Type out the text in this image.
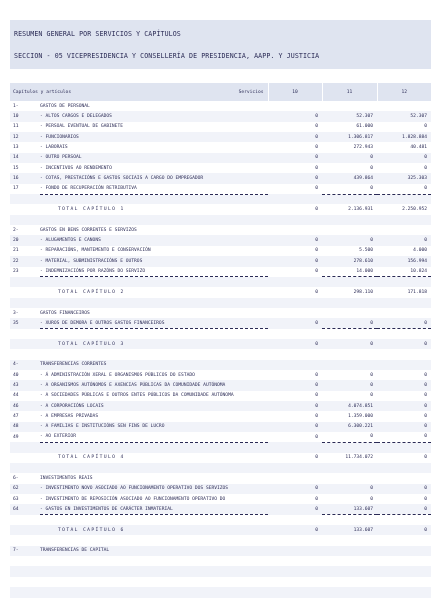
RESUMEN GENERAL POR SERVICIOS Y CAPÍTULOS
SECCION - 05 VICEPRESIDENCIA Y CONSELLERÍA DE PRESIDENCIA, AAPP. Y JUSTICIA
Capítulos y artículos Servicios		10	11	12
1-	GASTOS DE PERSONAL			
10	- ALTOS CARGOS E DELEGADOS	0	52.307	52.307
11	- PERSOAL EVENTUAL DE GABINETE	0	61.000	0
12	- FUNCIONARIOS	0	1.306.817	1.828.884
13	- LABORAIS	0	272.943	40.481
14	- OUTRO PERSOAL	0	0	0
15	- INCENTIVOS AO RENDEMENTO	0	0	0
16	- COTAS, PRESTACIÓNS E GASTOS SOCIAIS A CARGO DO EMPREGADOR	0	439.864	325.303
17	- FONDO DE RECUPERACIÓN RETRIBUTIVA	0	0	0

	TOTAL CAPÍTULO 1	0	2.136.931	2.250.952

2-	GASTOS EN BENS CORRENTES E SERVIZOS			
20	- ALUGAMENTOS E CANONS	0	0	0
21	- REPARACIÓNS, MANTEMENTO E CONSERVACIÓN	0	5.500	4.000
22	- MATERIAL, SUBMINISTRACIÓNS E OUTROS	0	278.610	156.994
23	- INDEMNIZACIÓNS POR RAZÓNS DO SERVIZO	0	14.000	10.824

	TOTAL CAPÍTULO 2	0	298.110	171.818

3-	GASTOS FINANCEIROS			
35	- XUROS DE DEMORA E OUTROS GASTOS FINANCEIROS	0	0	0

	TOTAL CAPÍTULO 3	0	0	0

4-	TRANSFERENCIAS CORRENTES			
40	- Á ADMINISTRACIÓN XERAL E ORGANISMOS PÚBLICOS DO ESTADO	0	0	0
43	- A ORGANISMOS AUTÓNOMOS E AXENCIAS PÚBLICAS DA COMUNIDADE AUTÓNOMA	0	0	0
44	- A SOCIEDADES PÚBLICAS E OUTROS ENTES PÚBLICOS DA COMUNIDADE AUTÓNOMA	0	0	0
46	- A CORPORACIÓNS LOCAIS	0	4.074.851	0
47	- A EMPRESAS PRIVADAS	0	1.359.000	0
48	- A FAMILIAS E INSTITUCIÓNS SEN FINS DE LUCRO	0	6.300.221	0
49	- AO EXTERIOR	0	0	0

	TOTAL CAPÍTULO 4	0	11.734.072	0

6-	INVESTIMENTOS REAIS			
62	- INVESTIMENTO NOVO ASOCIADO AO FUNCIONAMENTO OPERATIVO DOS SERVIZOS	0	0	0
63	- INVESTIMENTO DE REPOSICIÓN ASOCIADO AO FUNCIONAMENTO OPERATIVO DO	0	0	0
64	- GASTOS EN INVESTIMENTOS DE CARÁCTER INMATERIAL	0	133.607	0

	TOTAL CAPÍTULO 6	0	133.607	0

7-	TRANSFERENCIAS DE CAPITAL			
